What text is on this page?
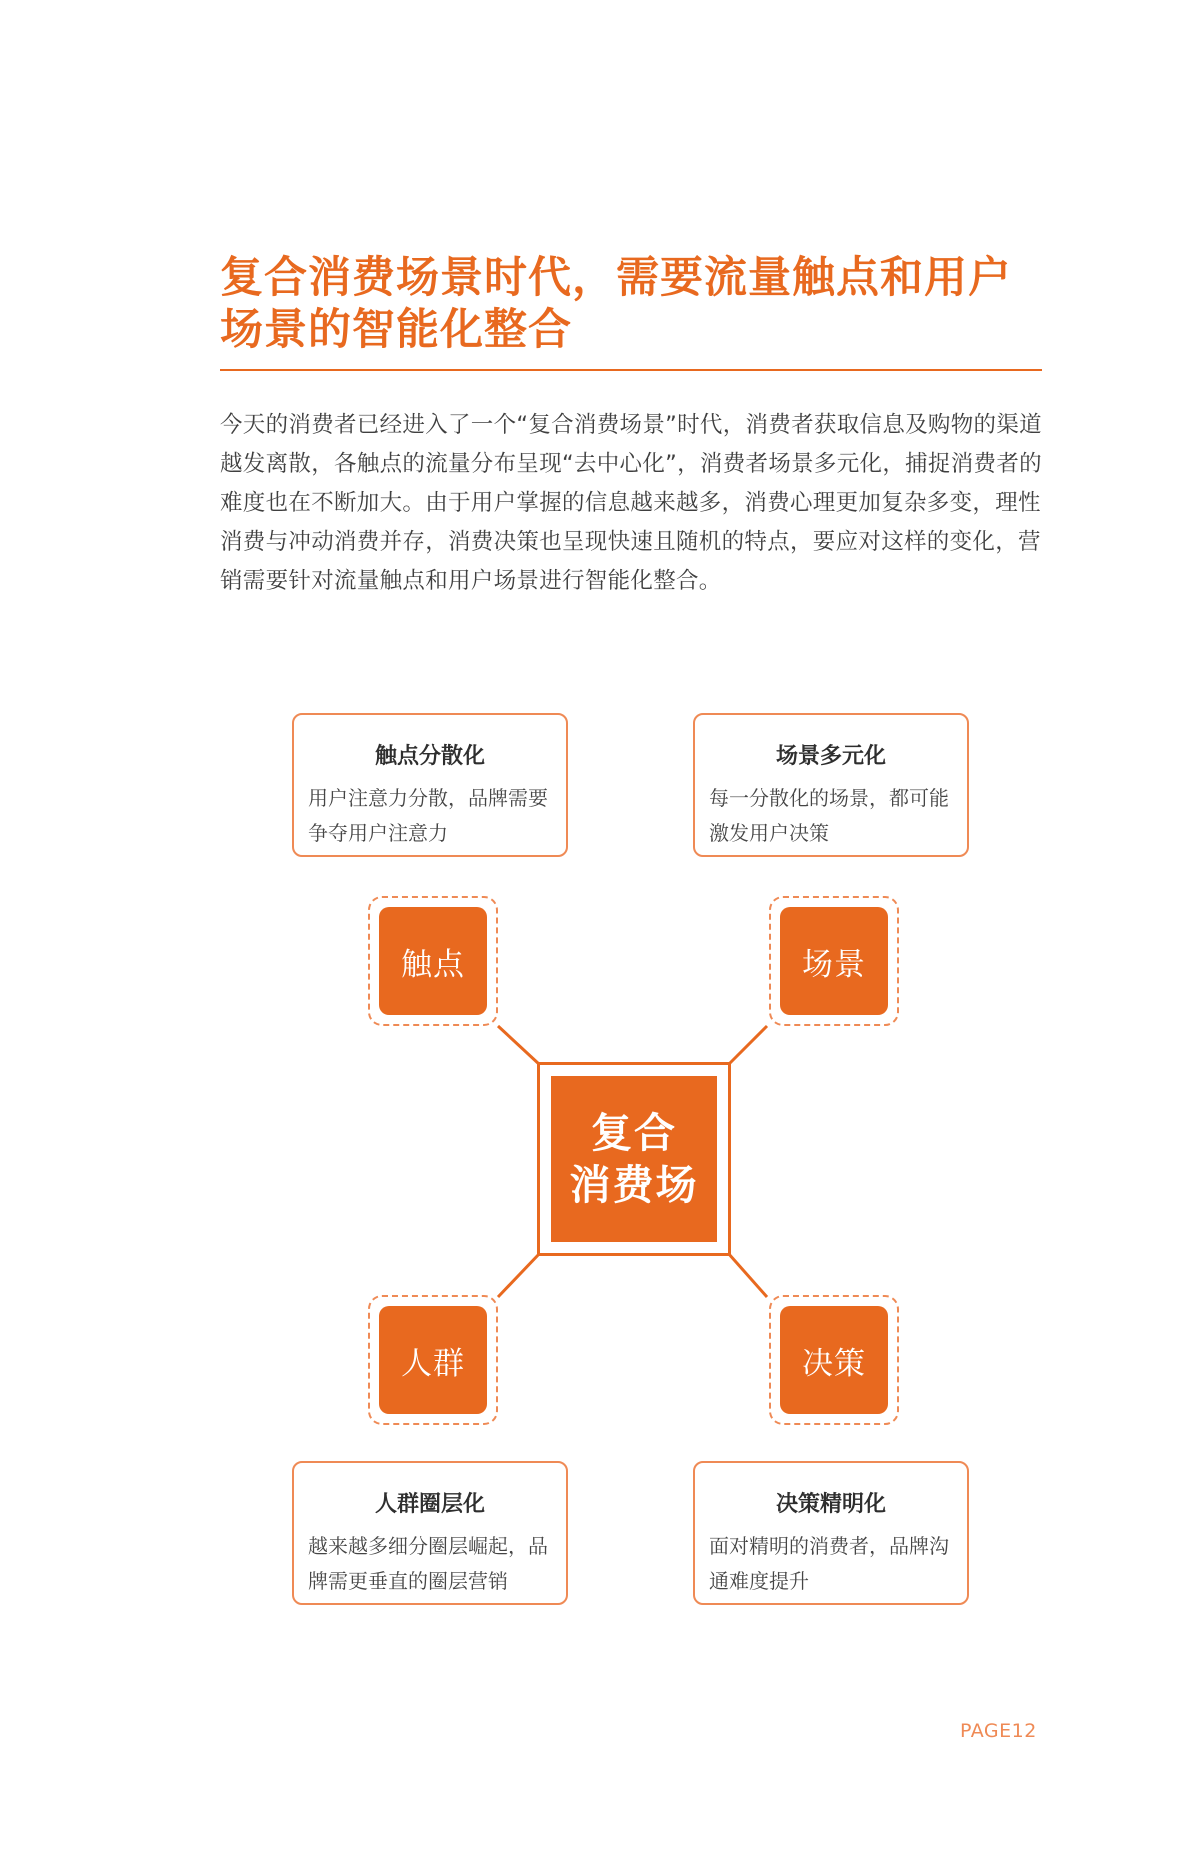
复合消费场景时代，需要流量触点和用户场景的智能化整合

今天的消费者已经进入了一个“复合消费场景”时代，消费者获取信息及购物的渠道越发离散，各触点的流量分布呈现“去中心化”，消费者场景多元化，捕捉消费者的难度也在不断加大。由于用户掌握的信息越来越多，消费心理更加复杂多变，理性消费与冲动消费并存，消费决策也呈现快速且随机的特点，要应对这样的变化，营销需要针对流量触点和用户场景进行智能化整合。

触点分散化
用户注意力分散，品牌需要争夺用户注意力
场景多元化
每一分散化的场景，都可能激发用户决策
人群圈层化
越来越多细分圈层崛起，品牌需更垂直的圈层营销
决策精明化
面对精明的消费者，品牌沟通难度提升
触点	场景
人群	决策
复合
消费场
PAGE12
